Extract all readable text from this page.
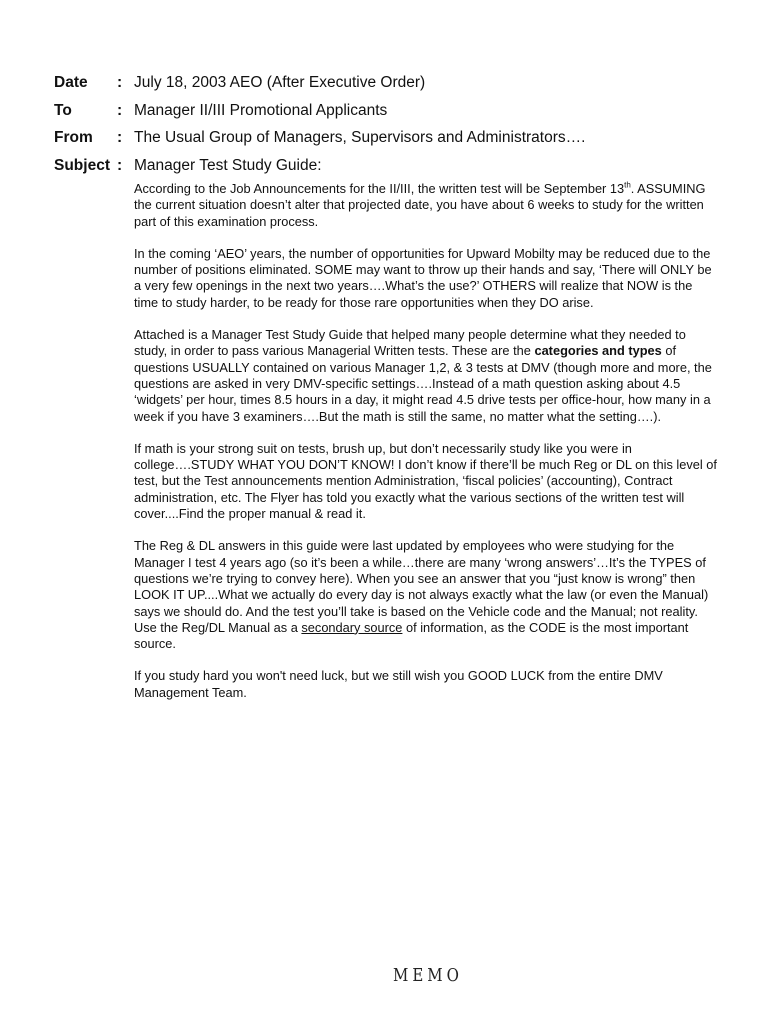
Date : July 18, 2003 AEO (After Executive Order)
To	: Manager II/III Promotional Applicants
From : The Usual Group of Managers, Supervisors and Administrators….
Subject : Manager Test Study Guide:

According to the Job Announcements for the II/III, the written test will be September 13th. ASSUMING the current situation doesn’t alter that projected date, you have about 6 weeks to study for the written part of this examination process.

In the coming ‘AEO’ years, the number of opportunities for Upward Mobilty may be reduced due to the number of positions eliminated. SOME may want to throw up their hands and say, ‘There will ONLY be a very few openings in the next two years….What’s the use?’ OTHERS will realize that NOW is the time to study harder, to be ready for those rare opportunities when they DO arise.

Attached is a Manager Test Study Guide that helped many people determine what they needed to study, in order to pass various Managerial Written tests. These are the categories and types of questions USUALLY contained on various Manager 1,2, & 3 tests at DMV (though more and more, the questions are asked in very DMV-specific settings….Instead of a math question asking about 4.5 ‘widgets’ per hour, times 8.5 hours in a day, it might read 4.5 drive tests per office-hour, how many in a week if you have 3 examiners….But the math is still the same, no matter what the setting….).

If math is your strong suit on tests, brush up, but don’t necessarily study like you were in college….STUDY WHAT YOU DON’T KNOW! I don’t know if there’ll be much Reg or DL on this level of test, but the Test announcements mention Administration, ‘fiscal policies’ (accounting), Contract administration, etc. The Flyer has told you exactly what the various sections of the written test will cover....Find the proper manual & read it.

The Reg & DL answers in this guide were last updated by employees who were studying for the Manager I test 4 years ago (so it’s been a while…there are many ‘wrong answers’…It’s the TYPES of questions we’re trying to convey here). When you see an answer that you “just know is wrong” then LOOK IT UP....What we actually do every day is not always exactly what the law (or even the Manual) says we should do. And the test you’ll take is based on the Vehicle code and the Manual; not reality. Use the Reg/DL Manual as a secondary source of information, as the CODE is the most important source.

If you study hard you won't need luck, but we still wish you GOOD LUCK from the entire DMV Management Team.

MEMO
